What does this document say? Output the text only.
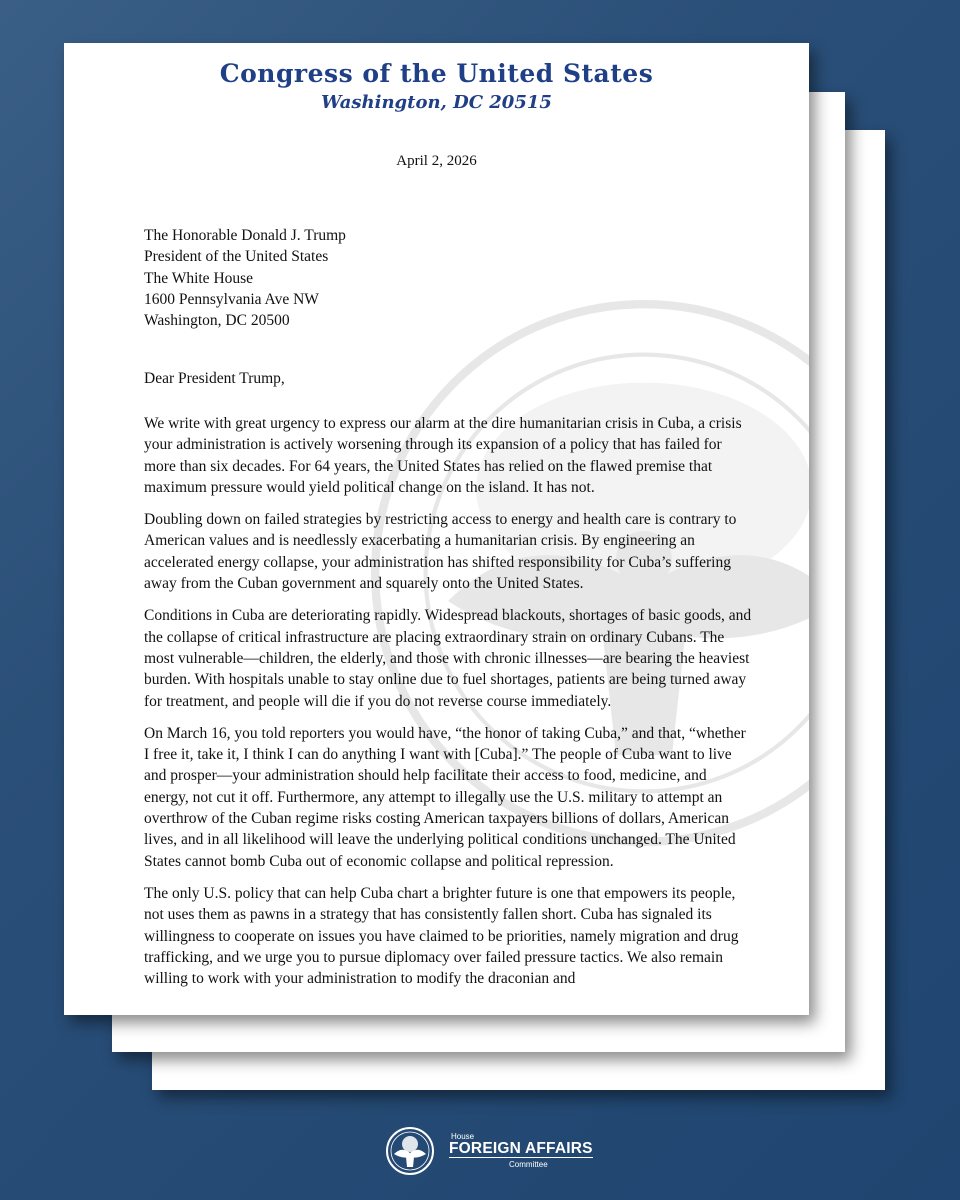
Congress of the United States
Washington, DC 20515
April 2, 2026
The Honorable Donald J. Trump
President of the United States
The White House
1600 Pennsylvania Ave NW
Washington, DC 20500
Dear President Trump,

We write with great urgency to express our alarm at the dire humanitarian crisis in Cuba, a crisis your administration is actively worsening through its expansion of a policy that has failed for more than six decades. For 64 years, the United States has relied on the flawed premise that maximum pressure would yield political change on the island. It has not.

Doubling down on failed strategies by restricting access to energy and health care is contrary to American values and is needlessly exacerbating a humanitarian crisis. By engineering an accelerated energy collapse, your administration has shifted responsibility for Cuba’s suffering away from the Cuban government and squarely onto the United States.

Conditions in Cuba are deteriorating rapidly. Widespread blackouts, shortages of basic goods, and the collapse of critical infrastructure are placing extraordinary strain on ordinary Cubans. The most vulnerable—children, the elderly, and those with chronic illnesses—are bearing the heaviest burden. With hospitals unable to stay online due to fuel shortages, patients are being turned away for treatment, and people will die if you do not reverse course immediately.

On March 16, you told reporters you would have, “the honor of taking Cuba,” and that, “whether I free it, take it, I think I can do anything I want with [Cuba].” The people of Cuba want to live and prosper—your administration should help facilitate their access to food, medicine, and energy, not cut it off. Furthermore, any attempt to illegally use the U.S. military to attempt an overthrow of the Cuban regime risks costing American taxpayers billions of dollars, American lives, and in all likelihood will leave the underlying political conditions unchanged. The United States cannot bomb Cuba out of economic collapse and political repression.

The only U.S. policy that can help Cuba chart a brighter future is one that empowers its people, not uses them as pawns in a strategy that has consistently fallen short. Cuba has signaled its willingness to cooperate on issues you have claimed to be priorities, namely migration and drug trafficking, and we urge you to pursue diplomacy over failed pressure tactics. We also remain willing to work with your administration to modify the draconian and

House
FOREIGN AFFAIRS
Committee
